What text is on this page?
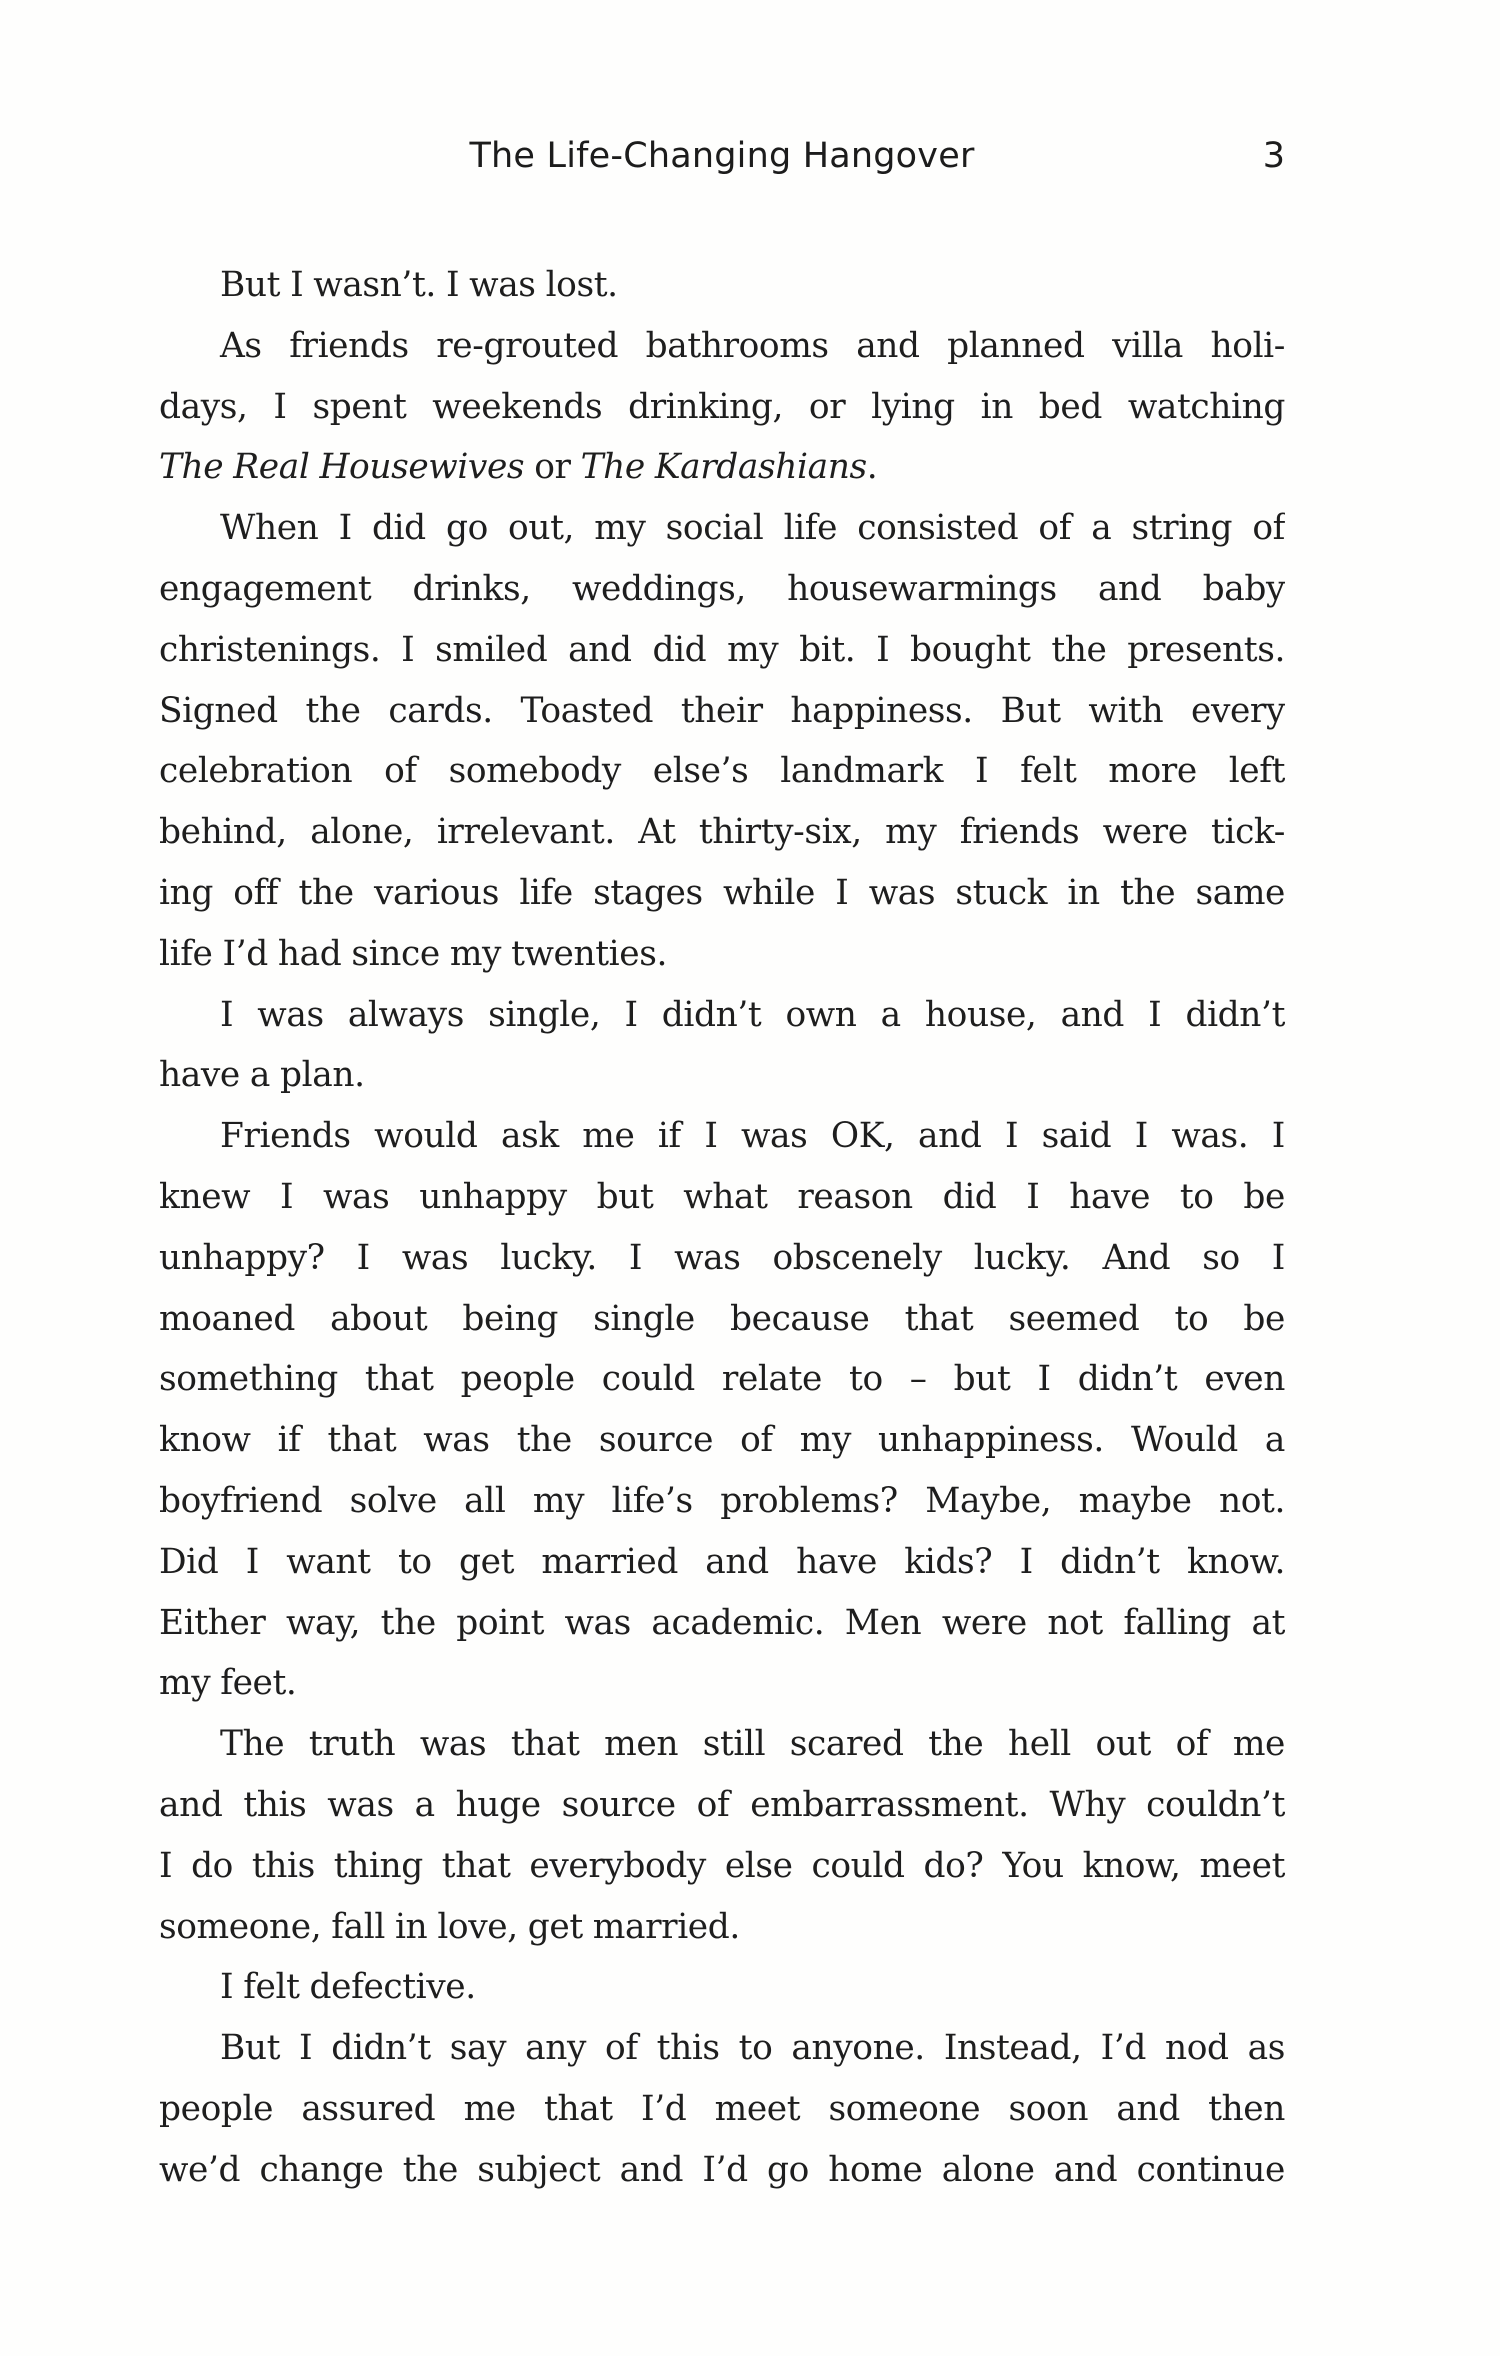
The Life-Changing Hangover	3
But I wasn’t. I was lost.
As friends re-grouted bathrooms and planned villa holi-
days, I spent weekends drinking, or lying in bed watching
The Real Housewives or The Kardashians.
When I did go out, my social life consisted of a string of
engagement drinks, weddings, housewarmings and baby
christenings. I smiled and did my bit. I bought the presents.
Signed the cards. Toasted their happiness. But with every
celebration of somebody else’s landmark I felt more left
behind, alone, irrelevant. At thirty-six, my friends were tick-
ing off the various life stages while I was stuck in the same
life I’d had since my twenties.
I was always single, I didn’t own a house, and I didn’t
have a plan.
Friends would ask me if I was OK, and I said I was. I
knew I was unhappy but what reason did I have to be
unhappy? I was lucky. I was obscenely lucky. And so I
moaned about being single because that seemed to be
something that people could relate to – but I didn’t even
know if that was the source of my unhappiness. Would a
boyfriend solve all my life’s problems? Maybe, maybe not.
Did I want to get married and have kids? I didn’t know.
Either way, the point was academic. Men were not falling at
my feet.
The truth was that men still scared the hell out of me
and this was a huge source of embarrassment. Why couldn’t
I do this thing that everybody else could do? You know, meet
someone, fall in love, get married.
I felt defective.
But I didn’t say any of this to anyone. Instead, I’d nod as
people assured me that I’d meet someone soon and then
we’d change the subject and I’d go home alone and continue
